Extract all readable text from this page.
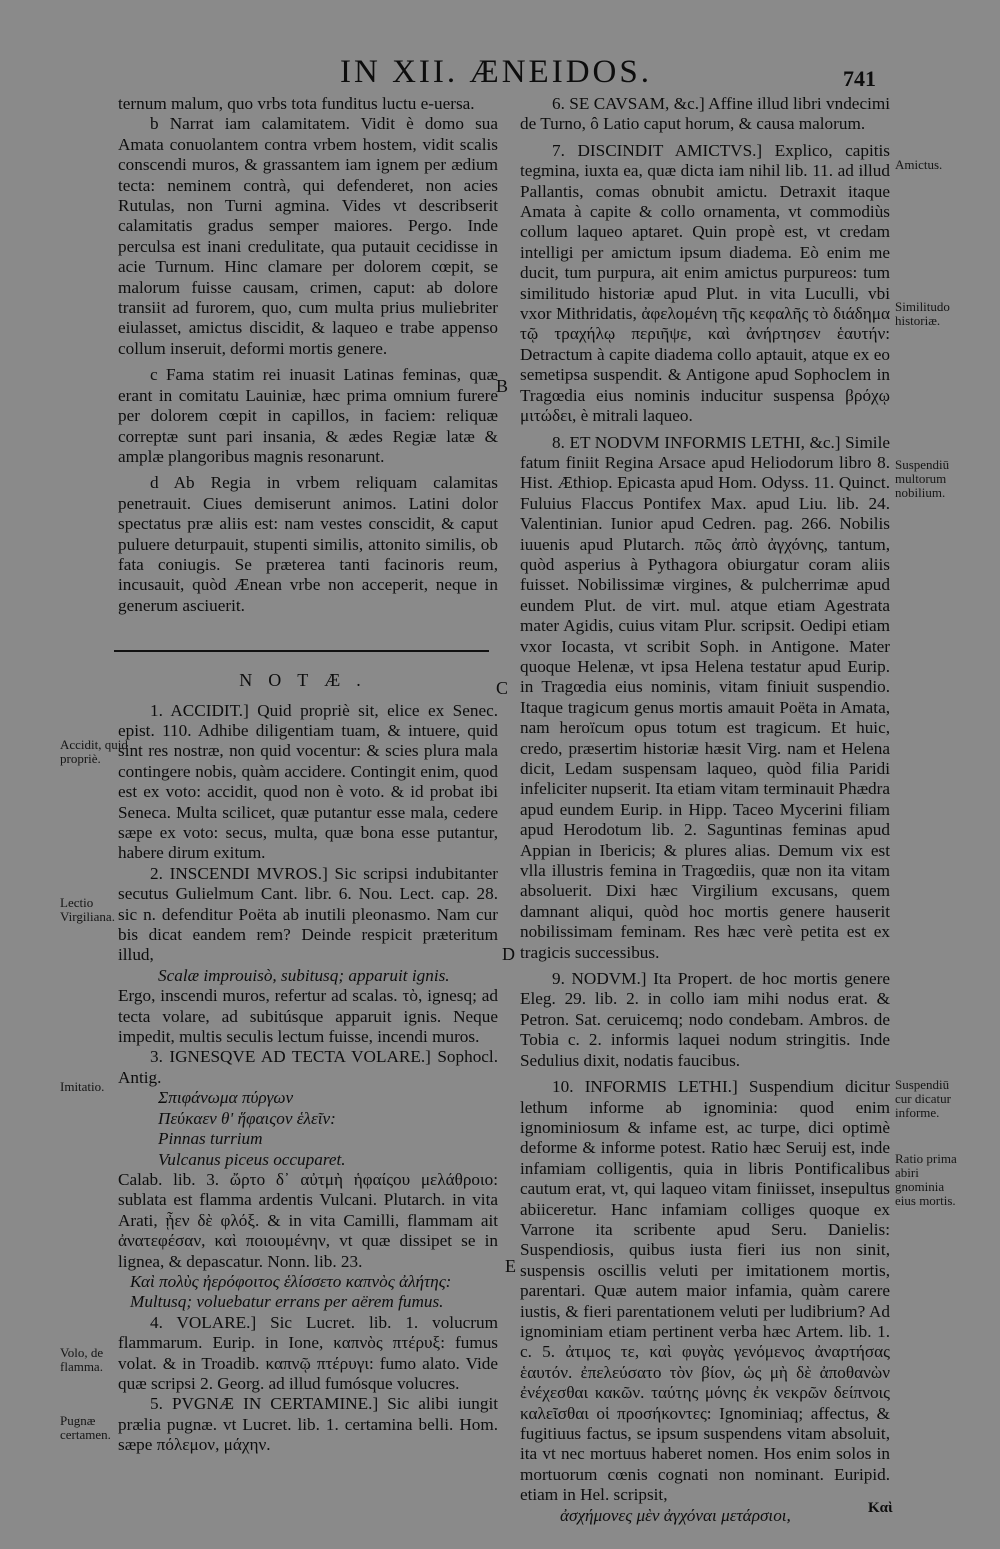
IN XII. ÆNEIDOS.	741

ternum malum, quo vrbs tota funditus luctu e-uersa.

b Narrat iam calamitatem. Vidit è domo sua Amata conuolantem contra vrbem hostem, vidit scalis conscendi muros, & grassantem iam ignem per ædium tecta: neminem contrà, qui defenderet, non acies Rutulas, non Turni agmina. Vides vt describserit calamitatis gradus semper maiores. Pergo. Inde perculsa est inani credulitate, qua putauit cecidisse in acie Turnum. Hinc clamare per dolorem cœpit, se malorum fuisse causam, crimen, caput: ab dolore transiit ad furorem, quo, cum multa prius muliebriter eiulasset, amictus discidit, & laqueo e trabe appenso collum inseruit, deformi mortis genere.

c Fama statim rei inuasit Latinas feminas, quæ erant in comitatu Lauiniæ, hæc prima omnium furere per dolorem cœpit in capillos, in faciem: reliquæ correptæ sunt pari insania, & ædes Regiæ latæ & amplæ plangoribus magnis resonarunt.

d Ab Regia in vrbem reliquam calamitas penetrauit. Ciues demiserunt animos. Latini dolor spectatus præ aliis est: nam vestes conscidit, & caput puluere deturpauit, stupenti similis, attonito similis, ob fata coniugis. Se præterea tanti facinoris reum, incusauit, quòd Ænean vrbe non acceperit, neque in generum asciuerit.

NOTÆ.

1. ACCIDIT.] Quid propriè sit, elice ex Senec. epist. 110. Adhibe diligentiam tuam, & intuere, quid sint res nostræ, non quid vocentur: & scies plura mala contingere nobis, quàm accidere. Contingit enim, quod est ex voto: accidit, quod non è voto. & id probat ibi Seneca. Multa scilicet, quæ putantur esse mala, cedere sæpe ex voto: secus, multa, quæ bona esse putantur, habere dirum exitum.

2. INSCENDI MVROS.] Sic scripsi indubitanter secutus Gulielmum Cant. libr. 6. Nou. Lect. cap. 28. sic n. defenditur Poëta ab inutili pleonasmo. Nam cur bis dicat eandem rem? Deinde respicit præteritum illud,

Scalæ improuisò, subitusq; apparuit ignis.

Ergo, inscendi muros, refertur ad scalas. τὸ, ignesq; ad tecta volare, ad subitúsque apparuit ignis. Neque impedit, multis seculis lectum fuisse, incendi muros.

3. IGNESQVE AD TECTA VOLARE.] Sophocl. Antig.

Σπιφάνωμα πύργων

Πεύκαεν θ' ἥφαιςον ἑλεῖν:

Pinnas turrium

Vulcanus piceus occuparet.

Calab. lib. 3. ὤρτο δ᾽ αὐτμὴ ἡφαίςου μελάθροιο: sublata est flamma ardentis Vulcani. Plutarch. in vita Arati, ᾖεν δὲ φλόξ. & in vita Camilli, flammam ait ἀνατεφέσαν, καὶ ποιουμένην, vt quæ dissipet se in lignea, & depascatur. Nonn. lib. 23.

Καὶ πολὺς ἠερόφοιτος ἑλίσσετο καπνὸς ἀλήτης:

Multusq; voluebatur errans per aërem fumus.

4. VOLARE.] Sic Lucret. lib. 1. volucrum flammarum. Eurip. in Ione, καπνὸς πτέρυξ: fumus volat. & in Troadib. καπνῷ πτέρυγι: fumo alato. Vide quæ scripsi 2. Georg. ad illud fumósque volucres.

5. PVGNÆ IN CERTAMINE.] Sic alibi iungit prælia pugnæ. vt Lucret. lib. 1. certamina belli. Hom. sæpe πόλεμον, μάχην.

6. SE CAVSAM, &c.] Affine illud libri vndecimi de Turno, ô Latio caput horum, & causa malorum.

7. DISCINDIT AMICTVS.] Explico, capitis tegmina, iuxta ea, quæ dicta iam nihil lib. 11. ad illud Pallantis, comas obnubit amictu. Detraxit itaque Amata à capite & collo ornamenta, vt commodiùs collum laqueo aptaret. Quin propè est, vt credam intelligi per amictum ipsum diadema. Eò enim me ducit, tum purpura, ait enim amictus purpureos: tum similitudo historiæ apud Plut. in vita Luculli, vbi vxor Mithridatis, ἀφελομένη τῆς κεφαλῆς τὸ διάδημα τῷ τραχήλῳ περιῆψε, καὶ ἀνήρτησεν ἑαυτήν: Detractum à capite diadema collo aptauit, atque ex eo semetipsa suspendit. & Antigone apud Sophoclem in Tragœdia eius nominis inducitur suspensa βρόχῳ μιτώδει, è mitrali laqueo.

8. ET NODVM INFORMIS LETHI, &c.] Simile fatum finiit Regina Arsace apud Heliodorum libro 8. Hist. Æthiop. Epicasta apud Hom. Odyss. 11. Quinct. Fuluius Flaccus Pontifex Max. apud Liu. lib. 24. Valentinian. Iunior apud Cedren. pag. 266. Nobilis iuuenis apud Plutarch. πῶς ἀπὸ ἀγχόνης, tantum, quòd asperius à Pythagora obiurgatur coram aliis fuisset. Nobilissimæ virgines, & pulcherrimæ apud eundem Plut. de virt. mul. atque etiam Agestrata mater Agidis, cuius vitam Plur. scripsit. Oedipi etiam vxor Iocasta, vt scribit Soph. in Antigone. Mater quoque Helenæ, vt ipsa Helena testatur apud Eurip. in Tragœdia eius nominis, vitam finiuit suspendio. Itaque tragicum genus mortis amauit Poëta in Amata, nam heroïcum opus totum est tragicum. Et huic, credo, præsertim historiæ hæsit Virg. nam et Helena dicit, Ledam suspensam laqueo, quòd filia Paridi infeliciter nupserit. Ita etiam vitam terminauit Phædra apud eundem Eurip. in Hipp. Taceo Mycerini filiam apud Herodotum lib. 2. Saguntinas feminas apud Appian in Ibericis; & plures alias. Demum vix est vlla illustris femina in Tragœdiis, quæ non ita vitam absoluerit. Dixi hæc Virgilium excusans, quem damnant aliqui, quòd hoc mortis genere hauserit nobilissimam feminam. Res hæc verè petita est ex tragicis successibus.

9. NODVM.] Ita Propert. de hoc mortis genere Eleg. 29. lib. 2. in collo iam mihi nodus erat. & Petron. Sat. ceruicemq; nodo condebam. Ambros. de Tobia c. 2. informis laquei nodum stringitis. Inde Sedulius dixit, nodatis faucibus.

10. INFORMIS LETHI.] Suspendium dicitur lethum informe ab ignominia: quod enim ignominiosum & infame est, ac turpe, dici optimè deforme & informe potest. Ratio hæc Seruij est, inde infamiam colligentis, quia in libris Pontificalibus cautum erat, vt, qui laqueo vitam finiisset, insepultus abiiceretur. Hanc infamiam colliges quoque ex Varrone ita scribente apud Seru. Danielis: Suspendiosis, quibus iusta fieri ius non sinit, suspensis oscillis veluti per imitationem mortis, parentari. Quæ autem maior infamia, quàm carere iustis, & fieri parentationem veluti per ludibrium? Ad ignominiam etiam pertinent verba hæc Artem. lib. 1. c. 5. ἀτιμος τε, καὶ φυγὰς γενόμενος ἀναρτήσας ἑαυτόν. ἐπελεύσατο τὸν βίον, ὡς μὴ δὲ ἀποθανὼν ἐνέχεσθαι κακῶν. ταύτης μόνης ἐκ νεκρῶν δείπνοις καλεῖσθαι οἱ προσήκοντες: Ignominiaq; affectus, & fugitiuus factus, se ipsum suspendens vitam absoluit, ita vt nec mortuus haberet nomen. Hos enim solos in mortuorum cœnis cognati non nominant. Euripid. etiam in Hel. scripsit,

ἀσχήμονες μὲν ἀγχόναι μετάρσιοι,

B
C
D
E
Accidit, quid propriè.
Lectio Virgiliana.
Imitatio.
Volo, de flamma.
Pugnæ certamen.
Amictus.
Similitudo historiæ.
Suspendiū multorum nobilium.
Suspendiū cur dicatur informe.
Ratio prima abiri gnominia eius mortis.
Kαὶ
